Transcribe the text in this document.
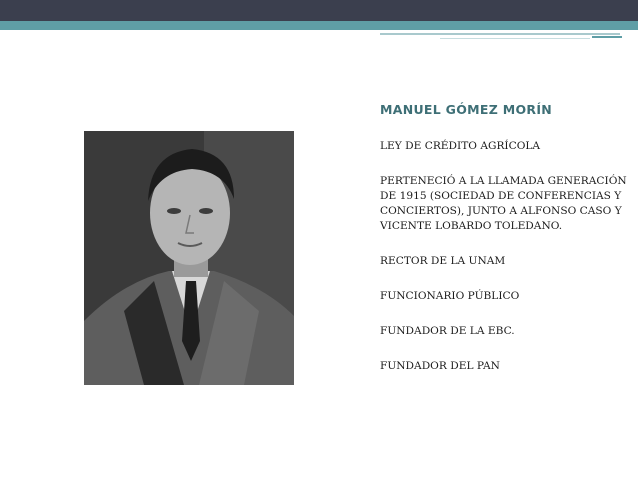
MANUEL GÓMEZ MORÍN
LEY DE CRÉDITO AGRÍCOLA
PERTENECIÓ A LA LLAMADA GENERACIÓN DE 1915 (SOCIEDAD DE CONFERENCIAS Y CONCIERTOS), JUNTO A ALFONSO CASO Y VICENTE LOBARDO TOLEDANO.
RECTOR DE LA UNAM
FUNCIONARIO PÚBLICO
FUNDADOR DE LA EBC.
FUNDADOR DEL PAN
